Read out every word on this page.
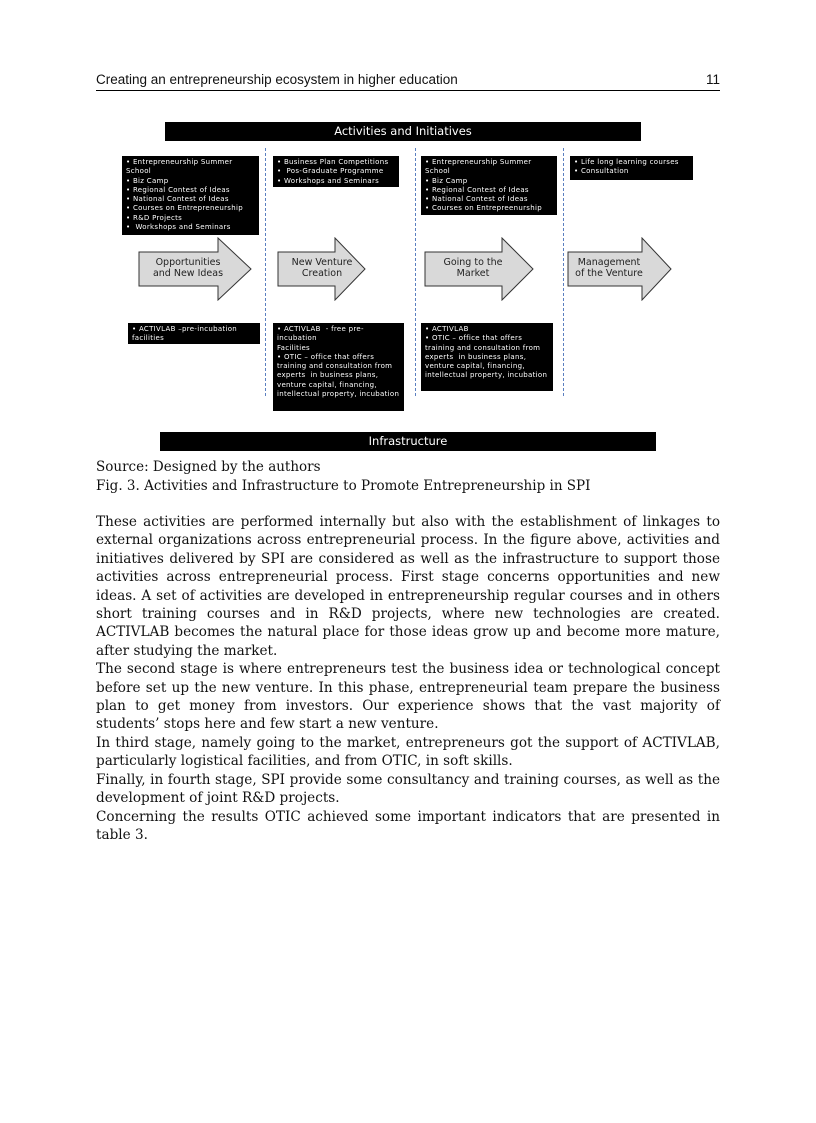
Creating an entrepreneurship ecosystem in higher education	11
Activities and Initiatives
• Entrepreneurship Summer School
• Biz Camp
• Regional Contest of Ideas
• National Contest of Ideas
• Courses on Entrepreneurship
• R&D Projects
•  Workshops and Seminars
• Business Plan Competitions
•  Pos-Graduate Programme
• Workshops and Seminars
• Entrepreneurship Summer School
• Biz Camp
• Regional Contest of Ideas
• National Contest of Ideas
• Courses on Entrepreenurship
• Life long learning courses
• Consultation
Opportunities
and New Ideas
New Venture
Creation
Going to the
Market
Management
of the Venture
• ACTIVLAB –pre-incubation facilities
• ACTIVLAB  - free pre-incubation
Facilities
• OTIC – office that offers training and consultation from experts  in business plans, venture capital, financing, intellectual property, incubation
• ACTIVLAB
• OTIC – office that offers training and consultation from experts  in business plans, venture capital, financing, intellectual property, incubation
Infrastructure
Source: Designed by the authors
Fig. 3. Activities and Infrastructure to Promote Entrepreneurship in SPI

These activities are performed internally but also with the establishment of linkages to external organizations across entrepreneurial process. In the figure above, activities and initiatives delivered by SPI are considered as well as the infrastructure to support those activities across entrepreneurial process. First stage concerns opportunities and new ideas. A set of activities are developed in entrepreneurship regular courses and in others short training courses and in R&D projects, where new technologies are created. ACTIVLAB becomes the natural place for those ideas grow up and become more mature, after studying the market.

The second stage is where entrepreneurs test the business idea or technological concept before set up the new venture. In this phase, entrepreneurial team prepare the business plan to get money from investors. Our experience shows that the vast majority of students’ stops here and few start a new venture.

In third stage, namely going to the market, entrepreneurs got the support of ACTIVLAB, particularly logistical facilities, and from OTIC, in soft skills.

Finally, in fourth stage, SPI provide some consultancy and training courses, as well as the development of joint R&D projects.

Concerning the results OTIC achieved some important indicators that are presented in table 3.
